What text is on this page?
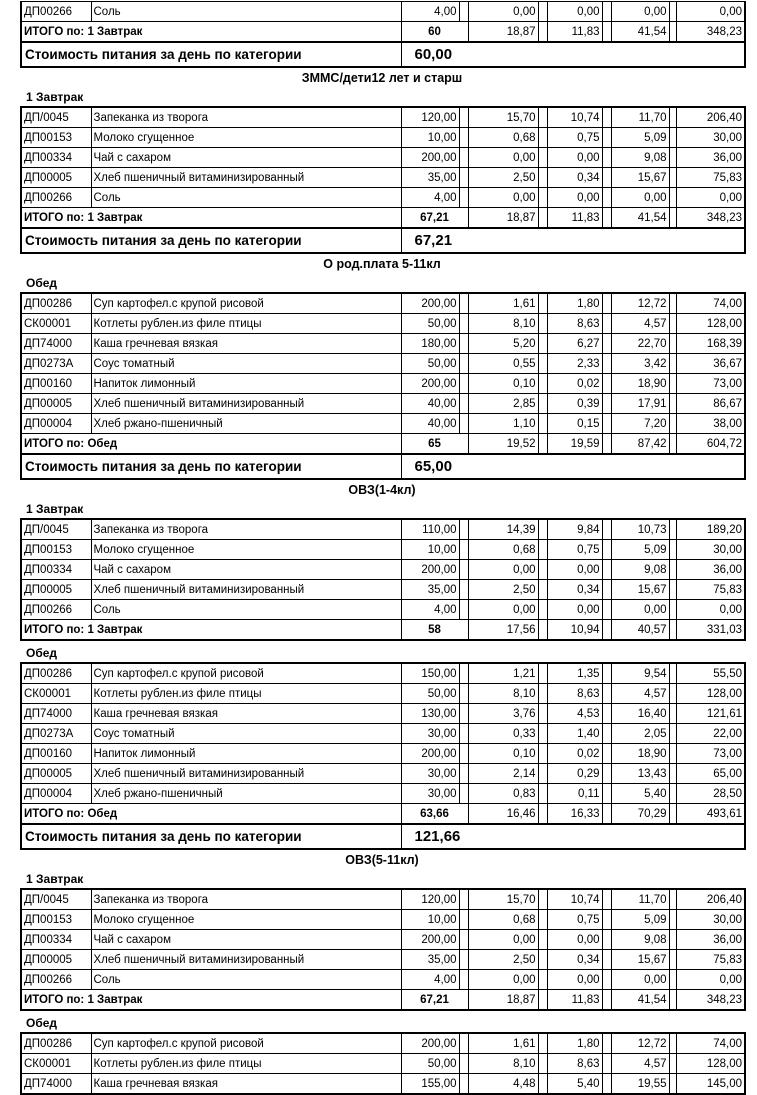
ДП00266	Соль	4,00		0,00		0,00		0,00		0,00
ИТОГО по: 1 Завтрак		60		18,87		11,83		41,54		348,23
Стоимость питания за день по категории	60,00
ЗММС/дети12 лет и старш
1 Завтрак
ДП/0045	Запеканка из творога	120,00		15,70		10,74		11,70		206,40
ДП00153	Молоко сгущенное	10,00		0,68		0,75		5,09		30,00
ДП00334	Чай с сахаром	200,00		0,00		0,00		9,08		36,00
ДП00005	Хлеб пшеничный витаминизированный	35,00		2,50		0,34		15,67		75,83
ДП00266	Соль	4,00		0,00		0,00		0,00		0,00
ИТОГО по: 1 Завтрак		67,21		18,87		11,83		41,54		348,23
Стоимость питания за день по категории	67,21
О род.плата 5-11кл
Обед
ДП00286	Суп картофел.с крупой рисовой	200,00		1,61		1,80		12,72		74,00
СК00001	Котлеты рублен.из филе птицы	50,00		8,10		8,63		4,57		128,00
ДП74000	Каша гречневая вязкая	180,00		5,20		6,27		22,70		168,39
ДП0273А	Соус томатный	50,00		0,55		2,33		3,42		36,67
ДП00160	Напиток лимонный	200,00		0,10		0,02		18,90		73,00
ДП00005	Хлеб пшеничный витаминизированный	40,00		2,85		0,39		17,91		86,67
ДП00004	Хлеб ржано-пшеничный	40,00		1,10		0,15		7,20		38,00
ИТОГО по: Обед		65		19,52		19,59		87,42		604,72
Стоимость питания за день по категории	65,00
ОВЗ(1-4кл)
1 Завтрак
ДП/0045	Запеканка из творога	110,00		14,39		9,84		10,73		189,20
ДП00153	Молоко сгущенное	10,00		0,68		0,75		5,09		30,00
ДП00334	Чай с сахаром	200,00		0,00		0,00		9,08		36,00
ДП00005	Хлеб пшеничный витаминизированный	35,00		2,50		0,34		15,67		75,83
ДП00266	Соль	4,00		0,00		0,00		0,00		0,00
ИТОГО по: 1 Завтрак		58		17,56		10,94		40,57		331,03
Обед
ДП00286	Суп картофел.с крупой рисовой	150,00		1,21		1,35		9,54		55,50
СК00001	Котлеты рублен.из филе птицы	50,00		8,10		8,63		4,57		128,00
ДП74000	Каша гречневая вязкая	130,00		3,76		4,53		16,40		121,61
ДП0273А	Соус томатный	30,00		0,33		1,40		2,05		22,00
ДП00160	Напиток лимонный	200,00		0,10		0,02		18,90		73,00
ДП00005	Хлеб пшеничный витаминизированный	30,00		2,14		0,29		13,43		65,00
ДП00004	Хлеб ржано-пшеничный	30,00		0,83		0,11		5,40		28,50
ИТОГО по: Обед		63,66		16,46		16,33		70,29		493,61
Стоимость питания за день по категории	121,66
ОВЗ(5-11кл)
1 Завтрак
ДП/0045	Запеканка из творога	120,00		15,70		10,74		11,70		206,40
ДП00153	Молоко сгущенное	10,00		0,68		0,75		5,09		30,00
ДП00334	Чай с сахаром	200,00		0,00		0,00		9,08		36,00
ДП00005	Хлеб пшеничный витаминизированный	35,00		2,50		0,34		15,67		75,83
ДП00266	Соль	4,00		0,00		0,00		0,00		0,00
ИТОГО по: 1 Завтрак		67,21		18,87		11,83		41,54		348,23
Обед
ДП00286	Суп картофел.с крупой рисовой	200,00		1,61		1,80		12,72		74,00
СК00001	Котлеты рублен.из филе птицы	50,00		8,10		8,63		4,57		128,00
ДП74000	Каша гречневая вязкая	155,00		4,48		5,40		19,55		145,00
